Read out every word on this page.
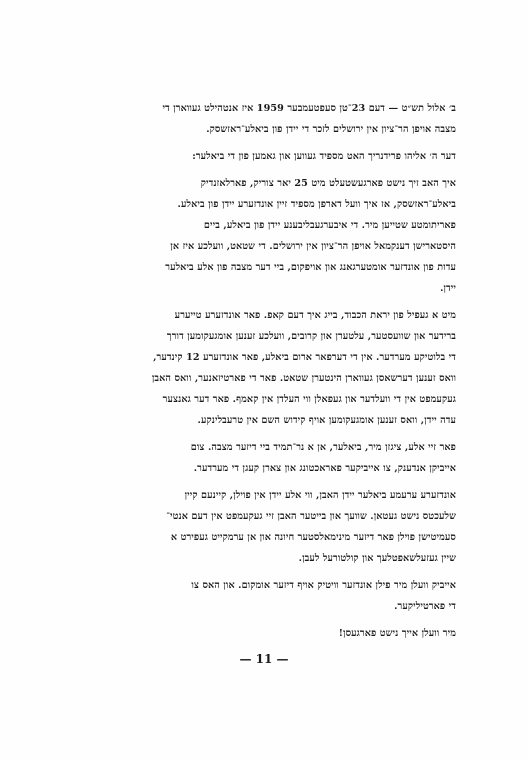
ב׳ אלול תש״ט — דעם 23־טן סעפטעמבער 1959 איז אנטהילט געווארן די
מצבה אויפן הר־ציון אין ירושלים לזכר די יידן פון ביאלע־ראזשסק.
דער ה׳ אליהו פרידנריך האט מספיד געווען און גאמען פון די ביאלער:
איך האב זיך נישט פארגעשטעלט מיט 25 יאר צוריק, פארלאזנדיק
ביאלע־ראזשסק, אז איך וועל דארפן מספיד זיין אונדזערע יידן פון ביאלע.
פאריתומטע שטייען מיר. די איבערגעבליבענע יידן פון ביאלע, ביים
היסטארישן דענקמאל אויפן הר־ציון אין ירושלים. די שטאט, וועלכע איז אן
עדות פון אונדזער אומטערגאנג און אויפקום, ביי דער מצבה פון אלע ביאלער
יידן.
מיט א געפיל פון יראת הכבוד, בייג איך דעם קאפ. פאר אונדזערע טייערע
ברידער און שוועסטער, עלטערן און קרובים, וועלכע זענען אומגעקומען דורך
די בלוטיקע מערדער. אין די דערפאר ארום ביאלע, פאר אונדזערע 12 קינדער,
וואס זענען דערשאסן געווארן הינטערן שטאט. פאר די פארטיזאנער, וואס האבן
געקעמפט אין די וועלדער און געפאלן ווי העלדן אין קאמף. פאר דער גאנצער
עדה יידן, וואס זענען אומגעקומען אויף קידוש השם אין טרעבלינקע.
פאר זיי אלע, ציגזן מיר, ביאלער, אן א נר־תמיד ביי דיזער מצבה. צום
אייביקן אנדענק, צו אייביקער פאראכטונג און צארן קעגן די מערדער.
אונדזערע ערעמע ביאלער יידן האבן, ווי אלע יידן אין פוילן, קיינעם קיין
שלעכטס נישט געטאן. שוועך און בייטער האבן זיי געקעמפט אין דעם אנטי־
סעמיטישן פוילן פאר דיזער מינימאלסטער חיונה און אן ערמקייט געפירט א
שיין געזעלשאפטלעך און קולטורעל לעבן.
אייביק וועלן מיר פילן אונדזער וויטיק אויף דיזער אומקום. און האס צו
די פארטיליקער.
מיר וועלן אייך נישט פארגעסן!
— 11 —
